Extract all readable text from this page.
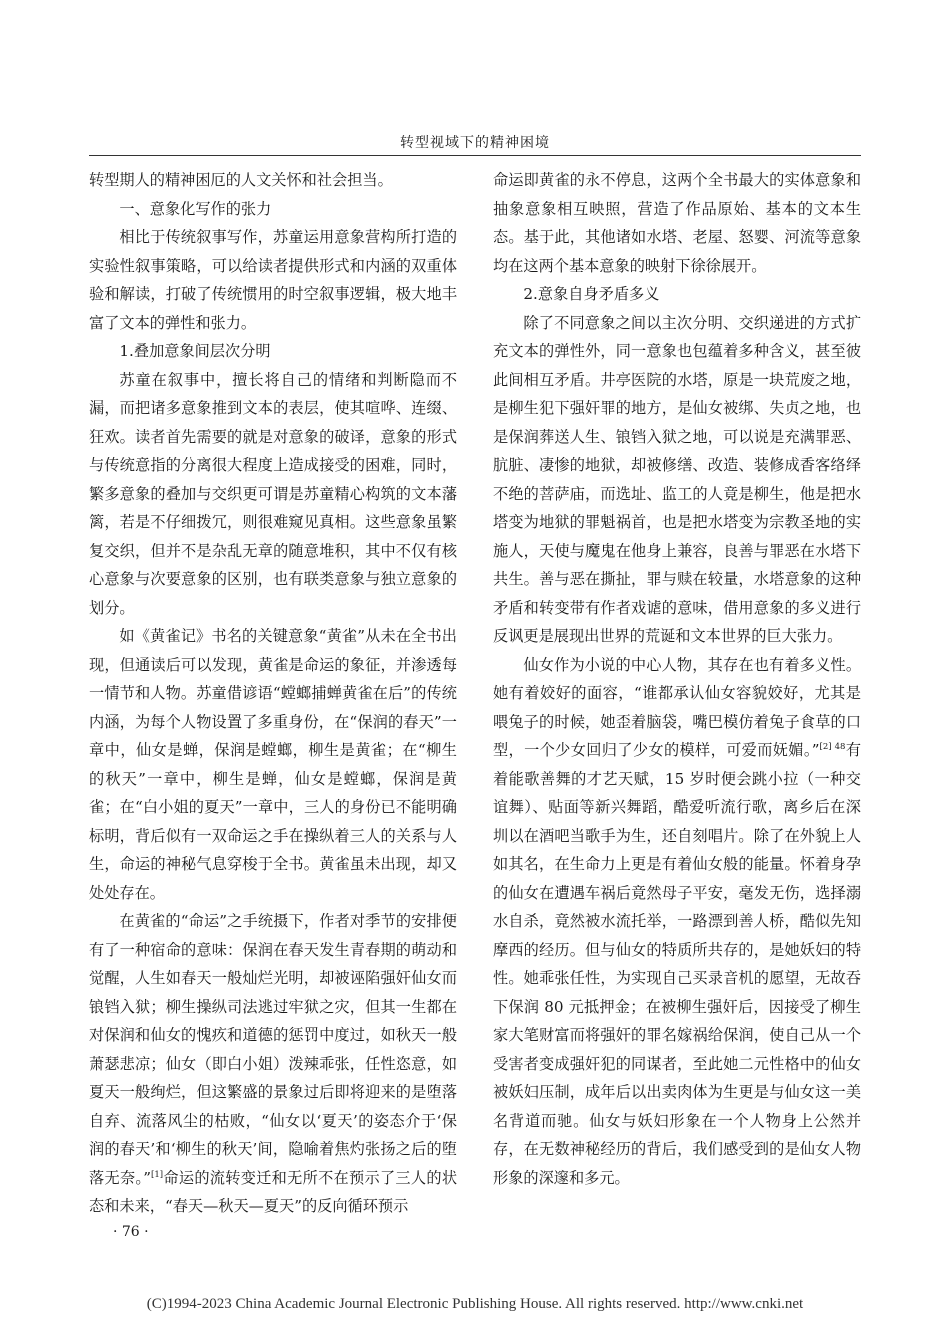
转型视域下的精神困境

转型期人的精神困厄的人文关怀和社会担当。

一、意象化写作的张力

相比于传统叙事写作，苏童运用意象营构所打造的实验性叙事策略，可以给读者提供形式和内涵的双重体验和解读，打破了传统惯用的时空叙事逻辑，极大地丰富了文本的弹性和张力。

1.叠加意象间层次分明

苏童在叙事中，擅长将自己的情绪和判断隐而不漏，而把诸多意象推到文本的表层，使其喧哗、连缀、狂欢。读者首先需要的就是对意象的破译，意象的形式与传统意指的分离很大程度上造成接受的困难，同时，繁多意象的叠加与交织更可谓是苏童精心构筑的文本藩篱，若是不仔细拨冗，则很难窥见真相。这些意象虽繁复交织，但并不是杂乱无章的随意堆积，其中不仅有核心意象与次要意象的区别，也有联类意象与独立意象的划分。

如《黄雀记》书名的关键意象“黄雀”从未在全书出现，但通读后可以发现，黄雀是命运的象征，并渗透每一情节和人物。苏童借谚语“螳螂捕蝉黄雀在后”的传统内涵，为每个人物设置了多重身份，在“保润的春天”一章中，仙女是蝉，保润是螳螂，柳生是黄雀；在“柳生的秋天”一章中，柳生是蝉，仙女是螳螂，保润是黄雀；在“白小姐的夏天”一章中，三人的身份已不能明确标明，背后似有一双命运之手在操纵着三人的关系与人生，命运的神秘气息穿梭于全书。黄雀虽未出现，却又处处存在。

在黄雀的“命运”之手统摄下，作者对季节的安排便有了一种宿命的意味：保润在春天发生青春期的萌动和觉醒，人生如春天一般灿烂光明，却被诬陷强奸仙女而锒铛入狱；柳生操纵司法逃过牢狱之灾，但其一生都在对保润和仙女的愧疚和道德的惩罚中度过，如秋天一般萧瑟悲凉；仙女（即白小姐）泼辣乖张，任性恣意，如夏天一般绚烂，但这繁盛的景象过后即将迎来的是堕落自弃、流落风尘的枯败，“仙女以‘夏天’的姿态介于‘保润的春天’和‘柳生的秋天’间，隐喻着焦灼张扬之后的堕落无奈。”[1]命运的流转变迁和无所不在预示了三人的状态和未来，“春天—秋天—夏天”的反向循环预示

命运即黄雀的永不停息，这两个全书最大的实体意象和抽象意象相互映照，营造了作品原始、基本的文本生态。基于此，其他诸如水塔、老屋、怒婴、河流等意象均在这两个基本意象的映射下徐徐展开。

2.意象自身矛盾多义

除了不同意象之间以主次分明、交织递进的方式扩充文本的弹性外，同一意象也包蕴着多种含义，甚至彼此间相互矛盾。井亭医院的水塔，原是一块荒废之地，是柳生犯下强奸罪的地方，是仙女被绑、失贞之地，也是保润葬送人生、锒铛入狱之地，可以说是充满罪恶、肮脏、凄惨的地狱，却被修缮、改造、装修成香客络绎不绝的菩萨庙，而选址、监工的人竟是柳生，他是把水塔变为地狱的罪魁祸首，也是把水塔变为宗教圣地的实施人，天使与魔鬼在他身上兼容，良善与罪恶在水塔下共生。善与恶在撕扯，罪与赎在较量，水塔意象的这种矛盾和转变带有作者戏谑的意味，借用意象的多义进行反讽更是展现出世界的荒诞和文本世界的巨大张力。

仙女作为小说的中心人物，其存在也有着多义性。她有着姣好的面容，“谁都承认仙女容貌姣好，尤其是喂兔子的时候，她歪着脑袋，嘴巴模仿着兔子食草的口型，一个少女回归了少女的模样，可爱而妩媚。”$^{[2] 48}$有着能歌善舞的才艺天赋，15 岁时便会跳小拉（一种交谊舞）、贴面等新兴舞蹈，酷爱听流行歌，离乡后在深圳以在酒吧当歌手为生，还自刻唱片。除了在外貌上人如其名，在生命力上更是有着仙女般的能量。怀着身孕的仙女在遭遇车祸后竟然母子平安，毫发无伤，选择溺水自杀，竟然被水流托举，一路漂到善人桥，酷似先知摩西的经历。但与仙女的特质所共存的，是她妖妇的特性。她乖张任性，为实现自己买录音机的愿望，无故吞下保润 80 元抵押金；在被柳生强奸后，因接受了柳生家大笔财富而将强奸的罪名嫁祸给保润，使自己从一个受害者变成强奸犯的同谋者，至此她二元性格中的仙女被妖妇压制，成年后以出卖肉体为生更是与仙女这一美名背道而驰。仙女与妖妇形象在一个人物身上公然并存，在无数神秘经历的背后，我们感受到的是仙女人物形象的深邃和多元。

· 76 ·
(C)1994-2023 China Academic Journal Electronic Publishing House. All rights reserved. http://www.cnki.net
